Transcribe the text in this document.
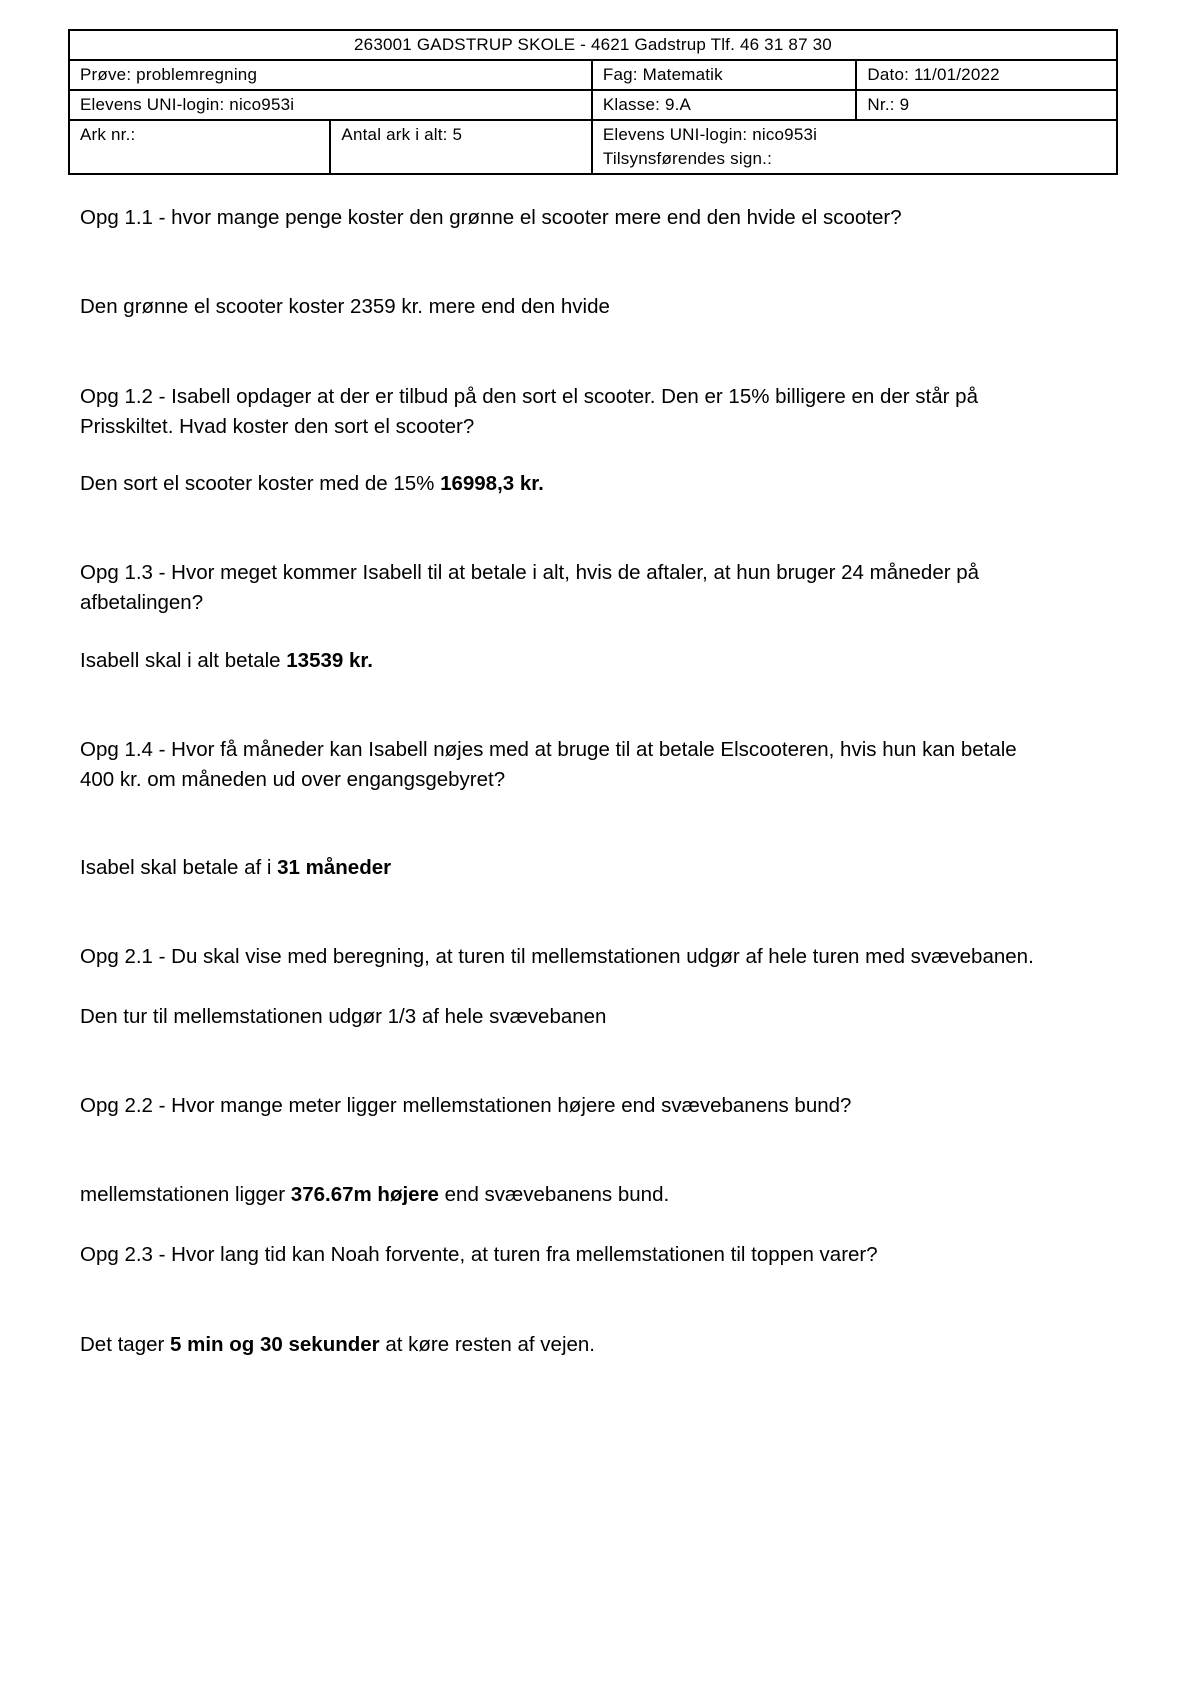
263001 GADSTRUP SKOLE - 4621 Gadstrup Tlf. 46 31 87 30			
Prøve: problemregning		Fag: Matematik	Dato: 11/01/2022
Elevens UNI-login: nico953i		Klasse: 9.A	Nr.: 9
Ark nr.:	Antal ark i alt: 5	Elevens UNI-login: nico953i
Tilsynsførendes sign.:	
Opg 1.1 - hvor mange penge koster den grønne el scooter mere end den hvide el scooter?
Den grønne el scooter koster 2359 kr. mere end den hvide

Opg 1.2 - Isabell opdager at der er tilbud på den sort el scooter. Den er 15% billigere en der står på

Prisskiltet. Hvad koster den sort el scooter?

Den sort el scooter koster med de 15% 16998,3 kr.

Opg 1.3 - Hvor meget kommer Isabell til at betale i alt, hvis de aftaler, at hun bruger 24 måneder på

afbetalingen?

Isabell skal i alt betale 13539 kr.

Opg 1.4 - Hvor få måneder kan Isabell nøjes med at bruge til at betale Elscooteren, hvis hun kan betale

400 kr. om måneden ud over engangsgebyret?

Isabel skal betale af i 31 måneder
Opg 2.1 - Du skal vise med beregning, at turen til mellemstationen udgør af hele turen med svævebanen.
Den tur til mellemstationen udgør 1/3 af hele svævebanen
Opg 2.2 - Hvor mange meter ligger mellemstationen højere end svævebanens bund?
mellemstationen ligger 376.67m højere end svævebanens bund.
Opg 2.3 - Hvor lang tid kan Noah forvente, at turen fra mellemstationen til toppen varer?
Det tager 5 min og 30 sekunder at køre resten af vejen.
